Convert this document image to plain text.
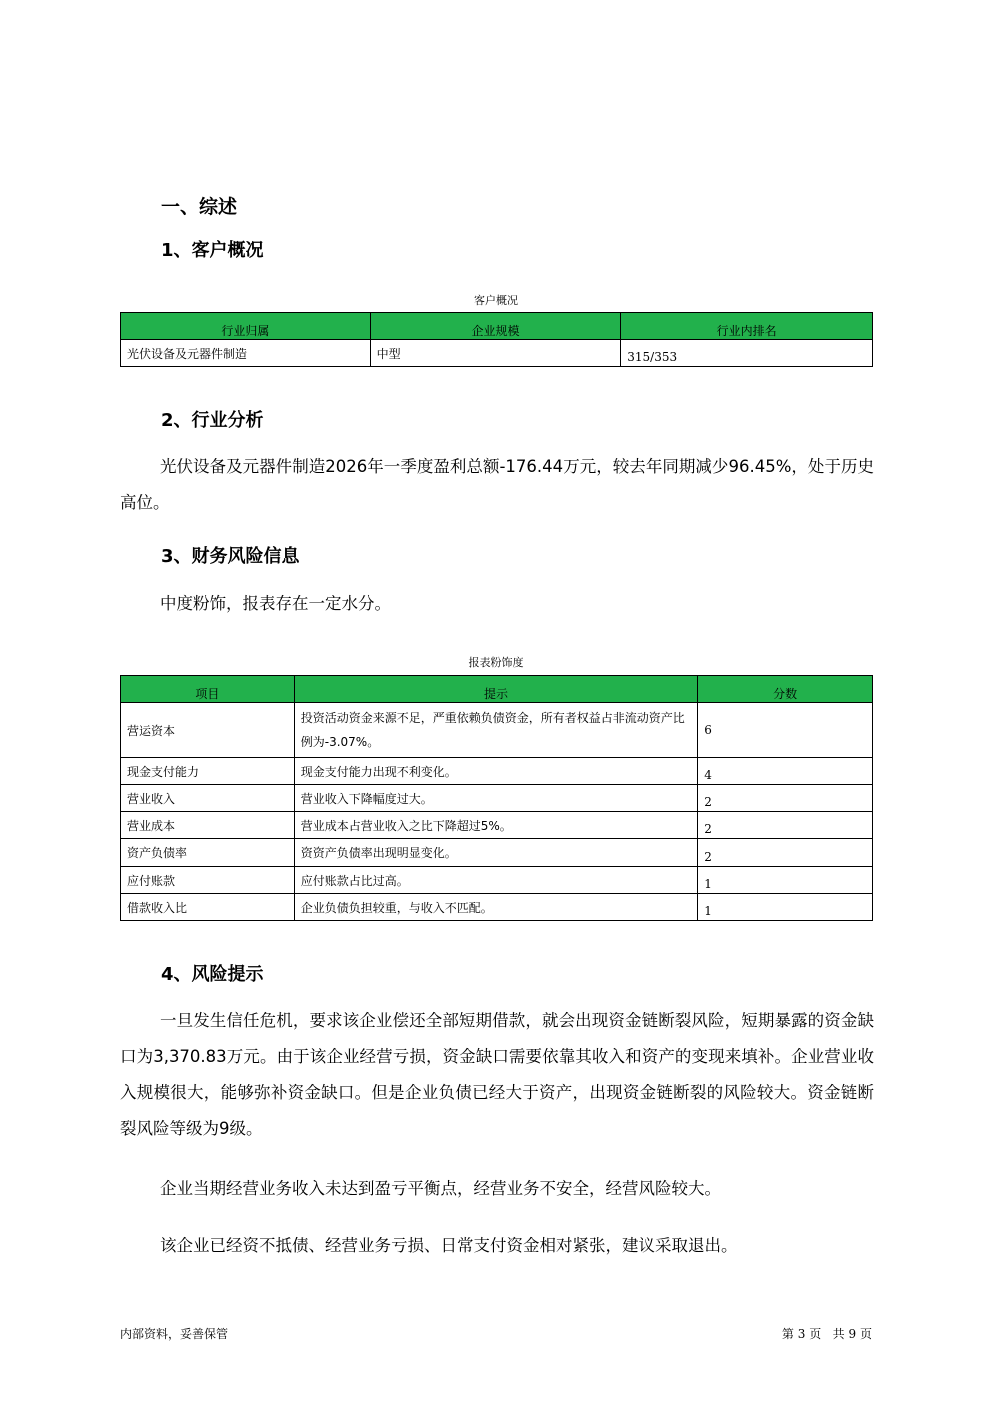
一、综述
1、客户概况
客户概况
行业归属	企业规模	行业内排名
光伏设备及元器件制造	中型	315/353
2、行业分析
光伏设备及元器件制造2026年一季度盈利总额-176.44万元，较去年同期减少96.45%，处于历史高位。
3、财务风险信息
中度粉饰，报表存在一定水分。
报表粉饰度
项目	提示	分数
营运资本	投资活动资金来源不足，严重依赖负债资金，所有者权益占非流动资产比例为-3.07%。	6
现金支付能力	现金支付能力出现不利变化。	4
营业收入	营业收入下降幅度过大。	2
营业成本	营业成本占营业收入之比下降超过5%。	2
资产负债率	资资产负债率出现明显变化。	2
应付账款	应付账款占比过高。	1
借款收入比	企业负债负担较重，与收入不匹配。	1
4、风险提示
一旦发生信任危机，要求该企业偿还全部短期借款，就会出现资金链断裂风险，短期暴露的资金缺口为3,370.83万元。由于该企业经营亏损，资金缺口需要依靠其收入和资产的变现来填补。企业营业收入规模很大，能够弥补资金缺口。但是企业负债已经大于资产，出现资金链断裂的风险较大。资金链断裂风险等级为9级。
企业当期经营业务收入未达到盈亏平衡点，经营业务不安全，经营风险较大。
该企业已经资不抵债、经营业务亏损、日常支付资金相对紧张，建议采取退出。
内部资料，妥善保管	第 3 页 共 9 页
